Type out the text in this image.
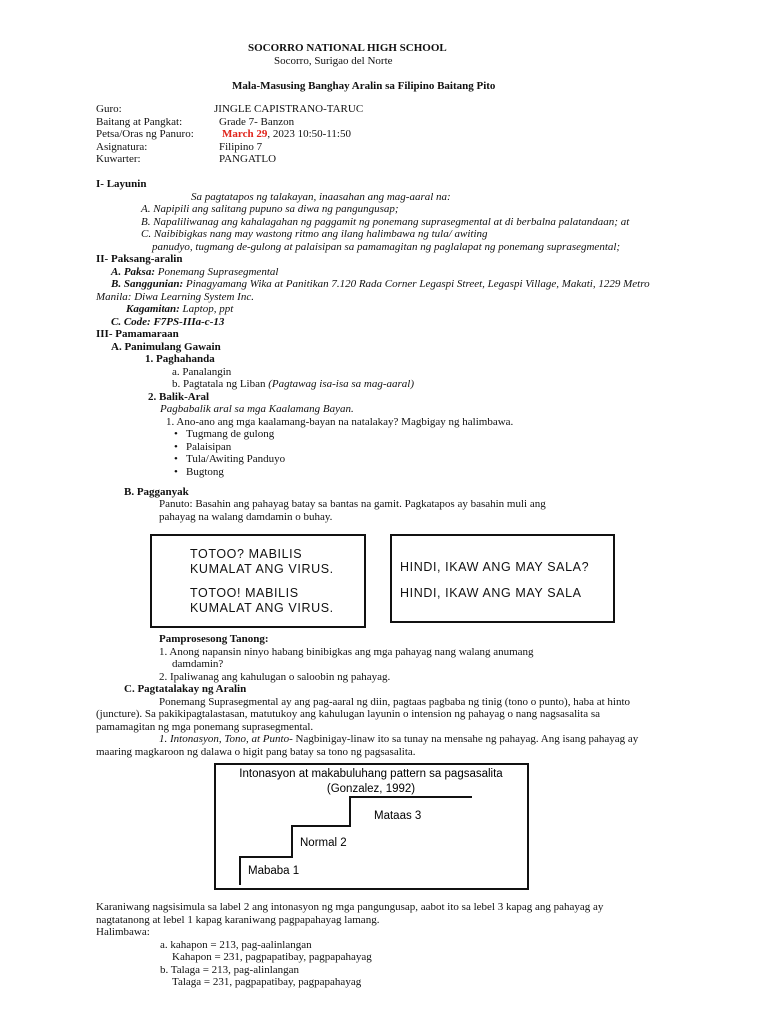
SOCORRO NATIONAL HIGH SCHOOL
Socorro, Surigao del Norte
Mala-Masusing Banghay Aralin sa Filipino Baitang Pito
Guro:	JINGLE CAPISTRANO-TARUC
Baitang at Pangkat:	Grade 7- Banzon
Petsa/Oras ng Panuro:	March 29, 2023 10:50-11:50
Asignatura:	Filipino 7
Kuwarter:	PANGATLO
I- Layunin
Sa pagtatapos ng talakayan, inaasahan ang mag-aaral na:
A. Napipili ang salitang pupuno sa diwa ng pangungusap;
B. Napaliliwanag ang kahalagahan ng paggamit ng ponemang suprasegmental at di berbalna palatandaan; at
C. Naibibigkas nang may wastong ritmo ang ilang halimbawa ng tula/ awiting
panudyo, tugmang de-gulong at palaisipan sa pamamagitan ng paglalapat ng ponemang suprasegmental;
II- Paksang-aralin
A. Paksa: Ponemang Suprasegmental
B. Sanggunian: Pinagyamang Wika at Panitikan 7.120 Rada Corner Legaspi Street, Legaspi Village, Makati, 1229 Metro
Manila: Diwa Learning System Inc.
Kagamitan: Laptop, ppt
C. Code: F7PS-IIIa-c-13
III- Pamamaraan
A. Panimulang Gawain
1. Paghahanda
a. Panalangin
b. Pagtatala ng Liban (Pagtawag isa-isa sa mag-aaral)
2. Balik-Aral
Pagbabalik aral sa mga Kaalamang Bayan.
1. Ano-ano ang mga kaalamang-bayan na natalakay? Magbigay ng halimbawa.
• Tugmang de gulong
• Palaisipan
• Tula/Awiting Panduyo
• Bugtong
B. Pagganyak
Panuto: Basahin ang pahayag batay sa bantas na gamit. Pagkatapos ay basahin muli ang
pahayag na walang damdamin o buhay.
TOTOO? MABILIS
KUMALAT ANG VIRUS.
TOTOO! MABILIS
KUMALAT ANG VIRUS.
HINDI, IKAW ANG MAY SALA?
HINDI, IKAW ANG MAY SALA
Pamprosesong Tanong:
1. Anong napansin ninyo habang binibigkas ang mga pahayag nang walang anumang
damdamin?
2. Ipaliwanag ang kahulugan o saloobin ng pahayag.
C. Pagtatalakay ng Aralin
Ponemang Suprasegmental ay ang pag-aaral ng diin, pagtaas pagbaba ng tinig (tono o punto), haba at hinto
(juncture). Sa pakikipagtalastasan, matutukoy ang kahulugan layunin o intension ng pahayag o nang nagsasalita sa
pamamagitan ng mga ponemang suprasegmental.
1. Intonasyon, Tono, at Punto- Nagbinigay-linaw ito sa tunay na mensahe ng pahayag. Ang isang pahayag ay
maaring magkaroon ng dalawa o higit pang batay sa tono ng pagsasalita.
Intonasyon at makabuluhang pattern sa pagsasalita
(Gonzalez, 1992)
Mataas 3
Normal 2
Mababa 1
Karaniwang nagsisimula sa label 2 ang intonasyon ng mga pangungusap, aabot ito sa lebel 3 kapag ang pahayag ay
nagtatanong at lebel 1 kapag karaniwang pagpapahayag lamang.
Halimbawa:
a. kahapon = 213, pag-aalinlangan
Kahapon = 231, pagpapatibay, pagpapahayag
b. Talaga = 213, pag-alinlangan
Talaga = 231, pagpapatibay, pagpapahayag
